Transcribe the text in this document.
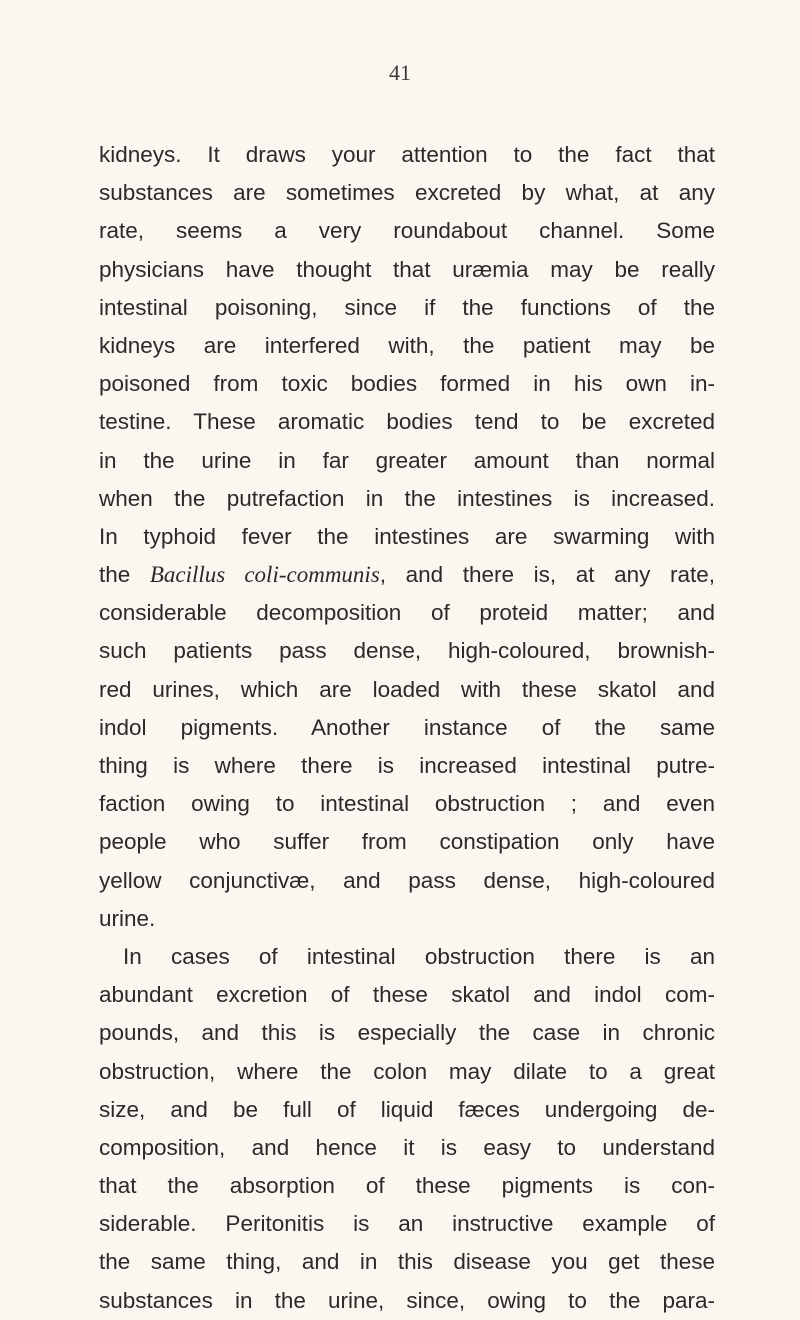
41
kidneys. It draws your attention to the fact that
substances are sometimes excreted by what, at any
rate, seems a very roundabout channel. Some
physicians have thought that uræmia may be really
intestinal poisoning, since if the functions of the
kidneys are interfered with, the patient may be
poisoned from toxic bodies formed in his own in-
testine. These aromatic bodies tend to be excreted
in the urine in far greater amount than normal
when the putrefaction in the intestines is increased.
In typhoid fever the intestines are swarming with
the Bacillus coli-communis, and there is, at any rate,
considerable decomposition of proteid matter; and
such patients pass dense, high-coloured, brownish-
red urines, which are loaded with these skatol and
indol pigments. Another instance of the same
thing is where there is increased intestinal putre-
faction owing to intestinal obstruction ; and even
people who suffer from constipation only have
yellow conjunctivæ, and pass dense, high-coloured
urine.
In cases of intestinal obstruction there is an
abundant excretion of these skatol and indol com-
pounds, and this is especially the case in chronic
obstruction, where the colon may dilate to a great
size, and be full of liquid fæces undergoing de-
composition, and hence it is easy to understand
that the absorption of these pigments is con-
siderable. Peritonitis is an instructive example of
the same thing, and in this disease you get these
substances in the urine, since, owing to the para-
